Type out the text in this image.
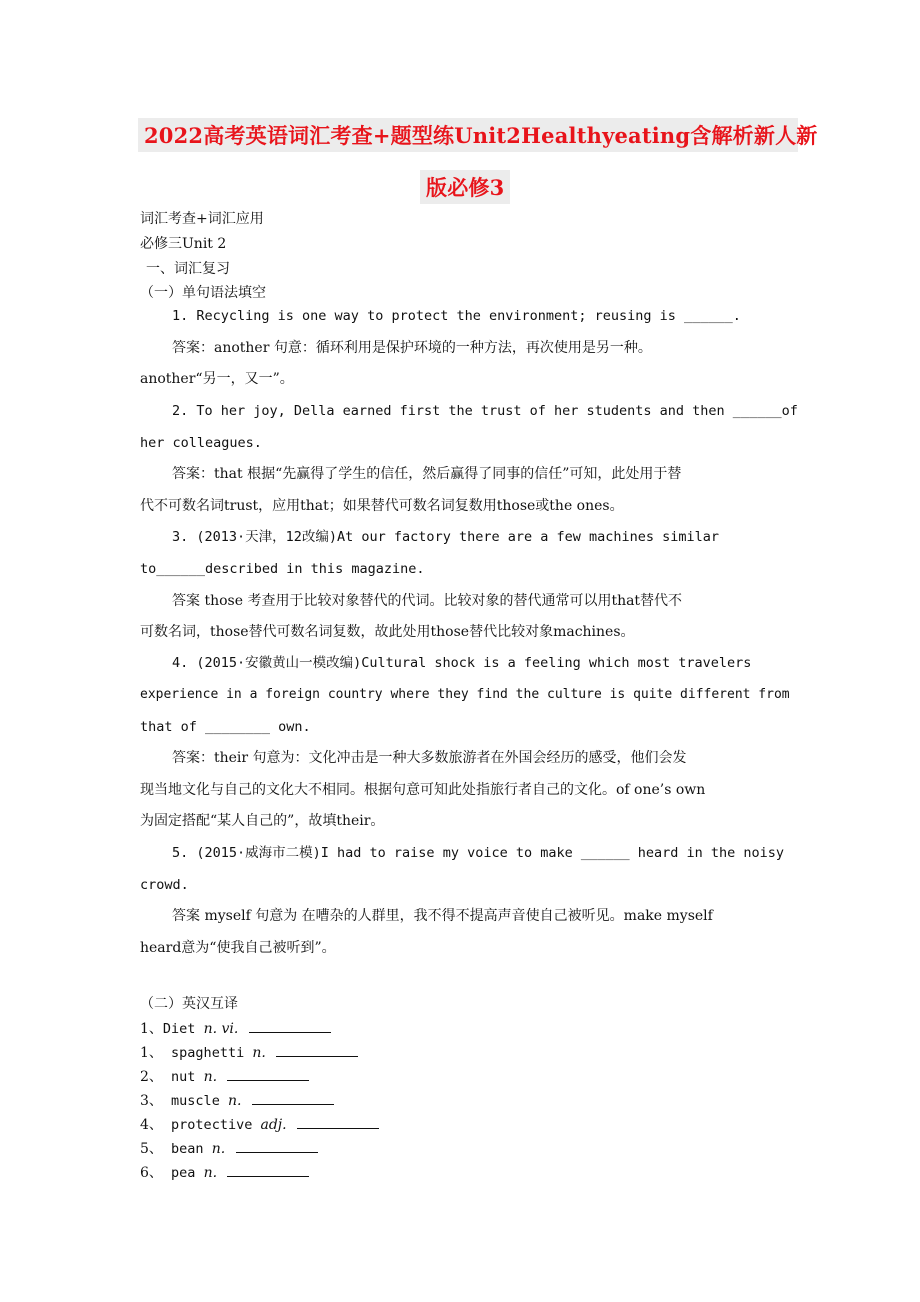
2022高考英语词汇考查+题型练Unit2Healthyeating含解析新人新
版必修3
词汇考查+词汇应用
必修三Unit 2
一、词汇复习
（一）单句语法填空
1. Recycling is one way to protect the environment; reusing is ______.
答案：another 句意：循环利用是保护环境的一种方法，再次使用是另一种。
another“另一，又一”。
2. To her joy, Della earned first the trust of her students and then ______of
her colleagues.
答案：that 根据“先赢得了学生的信任，然后赢得了同事的信任”可知，此处用于替
代不可数名词trust，应用that；如果替代可数名词复数用those或the ones。
3. (2013·天津，12改编)At our factory there are a few machines similar
to______described in this magazine.
答案 those 考查用于比较对象替代的代词。比较对象的替代通常可以用that替代不
可数名词，those替代可数名词复数，故此处用those替代比较对象machines。
4. (2015·安徽黄山一模改编)Cultural shock is a feeling which most travelers
experience in a foreign country where they find the culture is quite different from
that of ________ own.
答案：their 句意为：文化冲击是一种大多数旅游者在外国会经历的感受，他们会发
现当地文化与自己的文化大不相同。根据句意可知此处指旅行者自己的文化。of one’s own
为固定搭配“某人自己的”，故填their。
5. (2015·威海市二模)I had to raise my voice to make ______ heard in the noisy
crowd.
答案 myself 句意为 在嘈杂的人群里，我不得不提高声音使自己被听见。make myself
heard意为“使我自己被听到”。
（二）英汉互译
1、Diet n. vi.
1、 spaghetti n.
2、 nut n.
3、 muscle n.
4、 protective adj.
5、 bean n.
6、 pea n.
